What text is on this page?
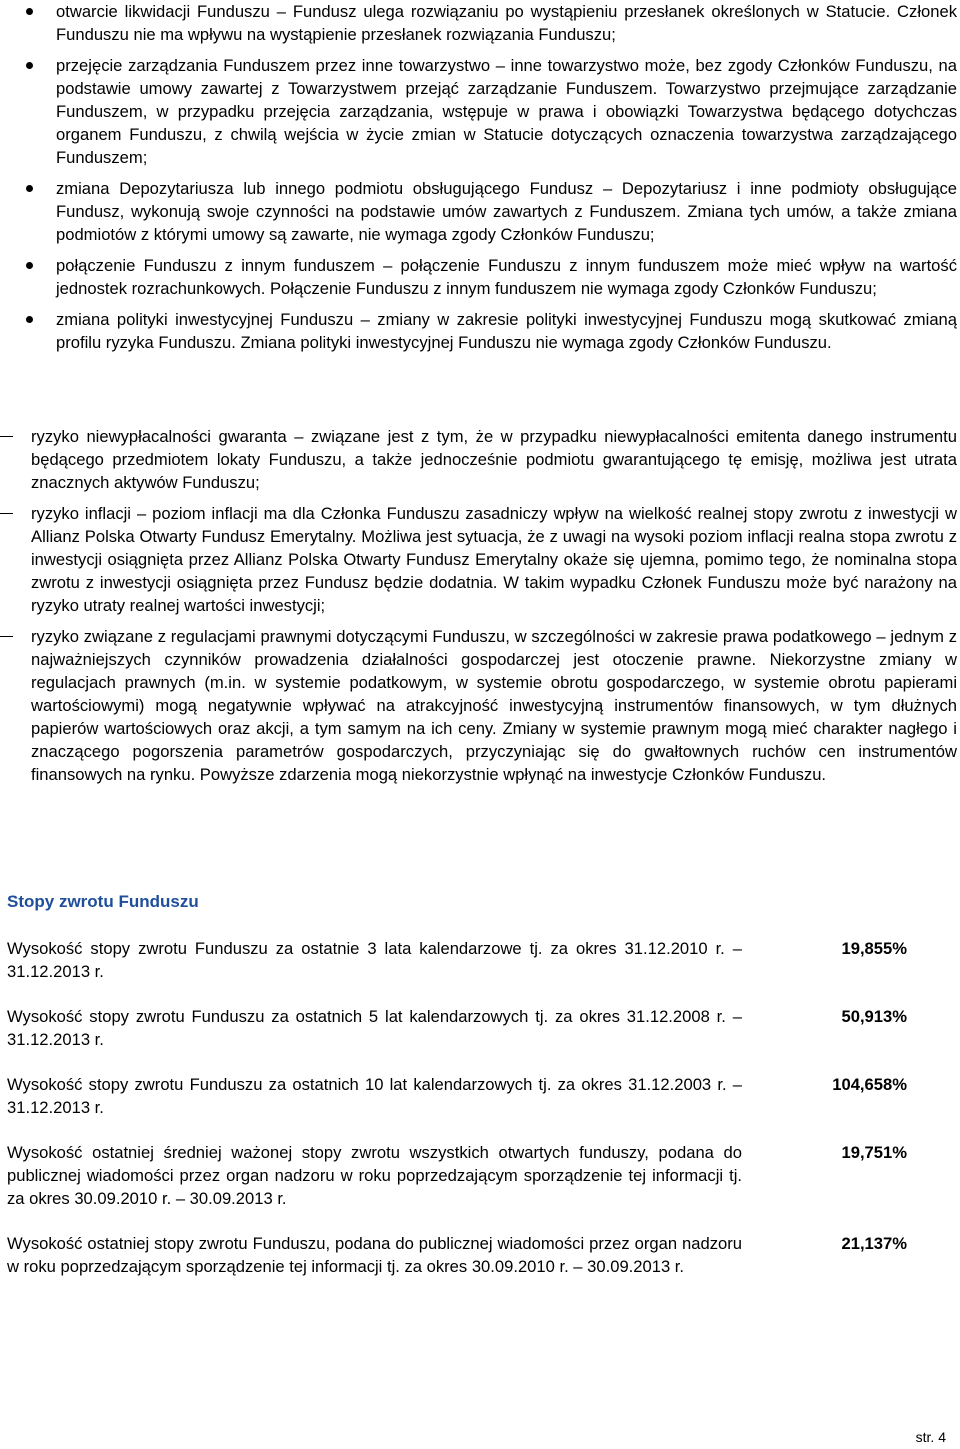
otwarcie likwidacji Funduszu – Fundusz ulega rozwiązaniu po wystąpieniu przesłanek określonych w Statucie. Członek Funduszu nie ma wpływu na wystąpienie przesłanek rozwiązania Funduszu;
przejęcie zarządzania Funduszem przez inne towarzystwo – inne towarzystwo może, bez zgody Członków Funduszu, na podstawie umowy zawartej z Towarzystwem przejąć zarządzanie Funduszem. Towarzystwo przejmujące zarządzanie Funduszem, w przypadku przejęcia zarządzania, wstępuje w prawa i obowiązki Towarzystwa będącego dotychczas organem Funduszu, z chwilą wejścia w życie zmian w Statucie dotyczących oznaczenia towarzystwa zarządzającego Funduszem;
zmiana Depozytariusza lub innego podmiotu obsługującego Fundusz – Depozytariusz i inne podmioty obsługujące Fundusz, wykonują swoje czynności na podstawie umów zawartych z Funduszem. Zmiana tych umów, a także zmiana podmiotów z którymi umowy są zawarte, nie wymaga zgody Członków Funduszu;
połączenie Funduszu z innym funduszem – połączenie Funduszu z innym funduszem może mieć wpływ na wartość jednostek rozrachunkowych. Połączenie Funduszu z innym funduszem nie wymaga zgody Członków Funduszu;
zmiana polityki inwestycyjnej Funduszu – zmiany w zakresie polityki inwestycyjnej Funduszu mogą skutkować zmianą profilu ryzyka Funduszu. Zmiana polityki inwestycyjnej Funduszu nie wymaga zgody Członków Funduszu.
ryzyko niewypłacalności gwaranta – związane jest z tym, że w przypadku niewypłacalności emitenta danego instrumentu będącego przedmiotem lokaty Funduszu, a także jednocześnie podmiotu gwarantującego tę emisję, możliwa jest utrata znacznych aktywów Funduszu;
ryzyko inflacji – poziom inflacji ma dla Członka Funduszu zasadniczy wpływ na wielkość realnej stopy zwrotu z inwestycji w Allianz Polska Otwarty Fundusz Emerytalny. Możliwa jest sytuacja, że z uwagi na wysoki poziom inflacji realna stopa zwrotu z inwestycji osiągnięta przez Allianz Polska Otwarty Fundusz Emerytalny okaże się ujemna, pomimo tego, że nominalna stopa zwrotu z inwestycji osiągnięta przez Fundusz będzie dodatnia. W takim wypadku Członek Funduszu może być narażony na ryzyko utraty realnej wartości inwestycji;
ryzyko związane z regulacjami prawnymi dotyczącymi Funduszu, w szczególności w zakresie prawa podatkowego – jednym z najważniejszych czynników prowadzenia działalności gospodarczej jest otoczenie prawne. Niekorzystne zmiany w regulacjach prawnych (m.in. w systemie podatkowym, w systemie obrotu gospodarczego, w systemie obrotu papierami wartościowymi) mogą negatywnie wpływać na atrakcyjność inwestycyjną instrumentów finansowych, w tym dłużnych papierów wartościowych oraz akcji, a tym samym na ich ceny. Zmiany w systemie prawnym mogą mieć charakter nagłego i znaczącego pogorszenia parametrów gospodarczych, przyczyniając się do gwałtownych ruchów cen instrumentów finansowych na rynku. Powyższe zdarzenia mogą niekorzystnie wpłynąć na inwestycje Członków Funduszu.
Stopy zwrotu Funduszu
Wysokość stopy zwrotu Funduszu za ostatnie 3 lata kalendarzowe tj. za okres 31.12.2010 r. – 31.12.2013 r.
19,855%
Wysokość stopy zwrotu Funduszu za ostatnich 5 lat kalendarzowych tj. za okres 31.12.2008 r. – 31.12.2013 r.
50,913%
Wysokość stopy zwrotu Funduszu za ostatnich 10 lat kalendarzowych tj. za okres 31.12.2003 r. – 31.12.2013 r.
104,658%
Wysokość ostatniej średniej ważonej stopy zwrotu wszystkich otwartych funduszy, podana do publicznej wiadomości przez organ nadzoru w roku poprzedzającym sporządzenie tej informacji tj. za okres 30.09.2010 r. – 30.09.2013 r.
19,751%
Wysokość ostatniej stopy zwrotu Funduszu, podana do publicznej wiadomości przez organ nadzoru w roku poprzedzającym sporządzenie tej informacji tj. za okres 30.09.2010 r. – 30.09.2013 r.
21,137%
str. 4
